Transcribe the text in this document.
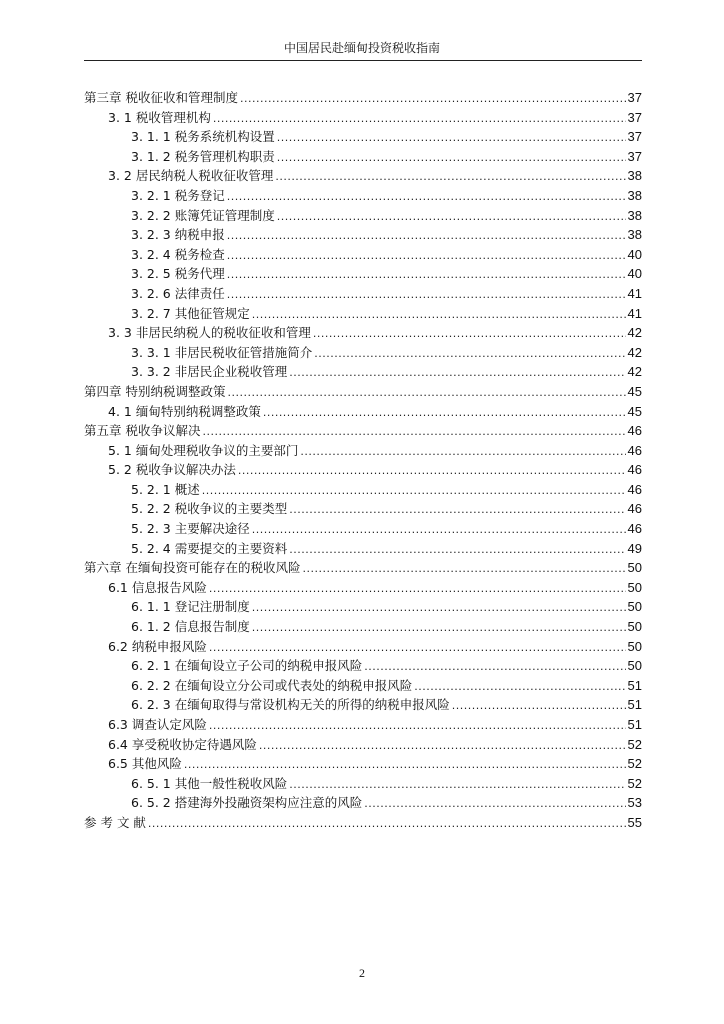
中国居民赴缅甸投资税收指南
第三章 税收征收和管理制度 .....	37
3. 1 税收管理机构 .....	37
3. 1. 1 税务系统机构设置 .....	37
3. 1. 2 税务管理机构职责 .....	37
3. 2 居民纳税人税收征收管理 .....	38
3. 2. 1 税务登记 .....	38
3. 2. 2 账簿凭证管理制度 .....	38
3. 2. 3 纳税申报 .....	38
3. 2. 4 税务检查 .....	40
3. 2. 5 税务代理 .....	40
3. 2. 6 法律责任 .....	41
3. 2. 7 其他征管规定 .....	41
3. 3 非居民纳税人的税收征收和管理 .....	42
3. 3. 1 非居民税收征管措施简介 .....	42
3. 3. 2 非居民企业税收管理 .....	42
第四章 特别纳税调整政策 .....	45
4. 1 缅甸特别纳税调整政策 .....	45
第五章 税收争议解决 .....	46
5. 1 缅甸处理税收争议的主要部门 .....	46
5. 2 税收争议解决办法 .....	46
5. 2. 1 概述 .....	46
5. 2. 2 税收争议的主要类型 .....	46
5. 2. 3 主要解决途径 .....	46
5. 2. 4 需要提交的主要资料 .....	49
第六章 在缅甸投资可能存在的税收风险 .....	50
6.1 信息报告风险 .....	50
6. 1. 1 登记注册制度 .....	50
6. 1. 2 信息报告制度 .....	50
6.2 纳税申报风险 .....	50
6. 2. 1 在缅甸设立子公司的纳税申报风险 .....	50
6. 2. 2 在缅甸设立分公司或代表处的纳税申报风险 .....	51
6. 2. 3 在缅甸取得与常设机构无关的所得的纳税申报风险 .....	51
6.3 调查认定风险 .....	51
6.4 享受税收协定待遇风险 .....	52
6.5 其他风险 .....	52
6. 5. 1 其他一般性税收风险 .....	52
6. 5. 2 搭建海外投融资架构应注意的风险 .....	53
参 考 文 献 .....	55
2
